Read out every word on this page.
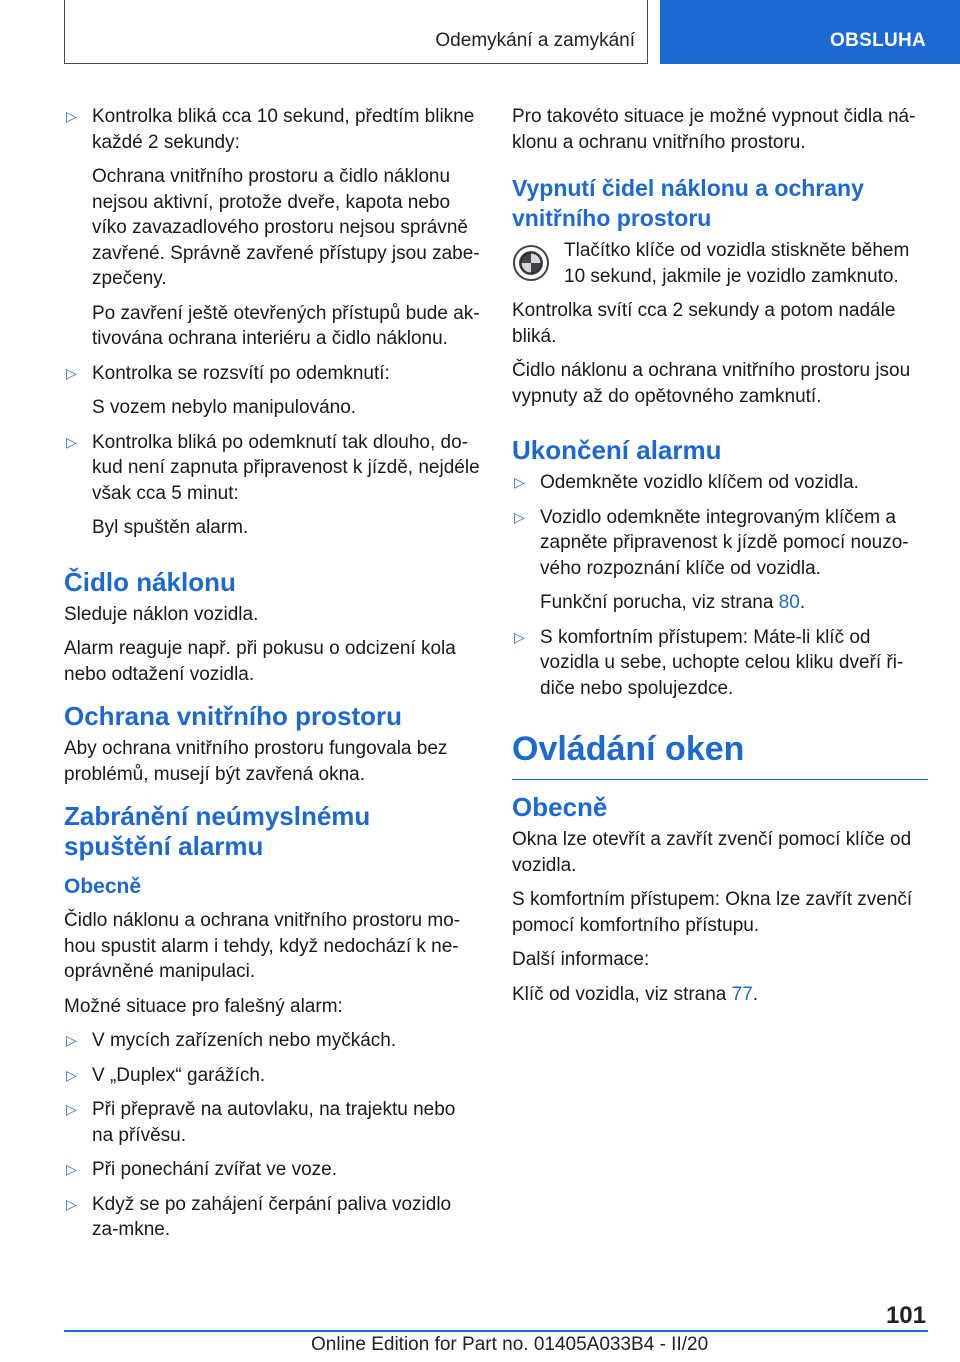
Odemykání a zamykání	OBSLUHA

▷ Kontrolka bliká cca 10 sekund, předtím blikne každé 2 sekundy:

Ochrana vnitřního prostoru a čidlo náklonu nejsou aktivní, protože dveře, kapota nebo víko zavazadlového prostoru nejsou správně zavřené. Správně zavřené přístupy jsou zabe-zpečeny.

Po zavření ještě otevřených přístupů bude ak-tivována ochrana interiéru a čidlo náklonu.

▷ Kontrolka se rozsvítí po odemknutí:

S vozem nebylo manipulováno.

▷ Kontrolka bliká po odemknutí tak dlouho, do-kud není zapnuta připravenost k jízdě, nejdéle však cca 5 minut:

Byl spuštěn alarm.

Čidlo náklonu

Sleduje náklon vozidla.

Alarm reaguje např. při pokusu o odcizení kola nebo odtažení vozidla.

Ochrana vnitřního prostoru

Aby ochrana vnitřního prostoru fungovala bez problémů, musejí být zavřená okna.

Zabránění neúmyslnému spuštění alarmu
Obecně

Čidlo náklonu a ochrana vnitřního prostoru mo-hou spustit alarm i tehdy, když nedochází k ne-oprávněné manipulaci.

Možné situace pro falešný alarm:

▷ V mycích zařízeních nebo myčkách.

▷ V „Duplex“ garážích.

▷ Při přepravě na autovlaku, na trajektu nebo na přívěsu.

▷ Při ponechání zvířat ve voze.

▷ Když se po zahájení čerpání paliva vozidlo za-mkne.

Pro takovéto situace je možné vypnout čidla ná-klonu a ochranu vnitřního prostoru.

Vypnutí čidel náklonu a ochrany vnitřního prostoru

Tlačítko klíče od vozidla stiskněte během 10 sekund, jakmile je vozidlo zamknuto.

Kontrolka svítí cca 2 sekundy a potom nadále bliká.

Čidlo náklonu a ochrana vnitřního prostoru jsou vypnuty až do opětovného zamknutí.

Ukončení alarmu

▷ Odemkněte vozidlo klíčem od vozidla.

▷ Vozidlo odemkněte integrovaným klíčem a zapněte připravenost k jízdě pomocí nouzo-vého rozpoznání klíče od vozidla.

Funkční porucha, viz strana 80.

▷ S komfortním přístupem: Máte-li klíč od vozidla u sebe, uchopte celou kliku dveří ři-diče nebo spolujezdce.

Ovládání oken
Obecně

Okna lze otevřít a zavřít zvenčí pomocí klíče od vozidla.

S komfortním přístupem: Okna lze zavřít zvenčí pomocí komfortního přístupu.

Další informace:

Klíč od vozidla, viz strana 77.

101
Online Edition for Part no. 01405A033B4 - II/20
